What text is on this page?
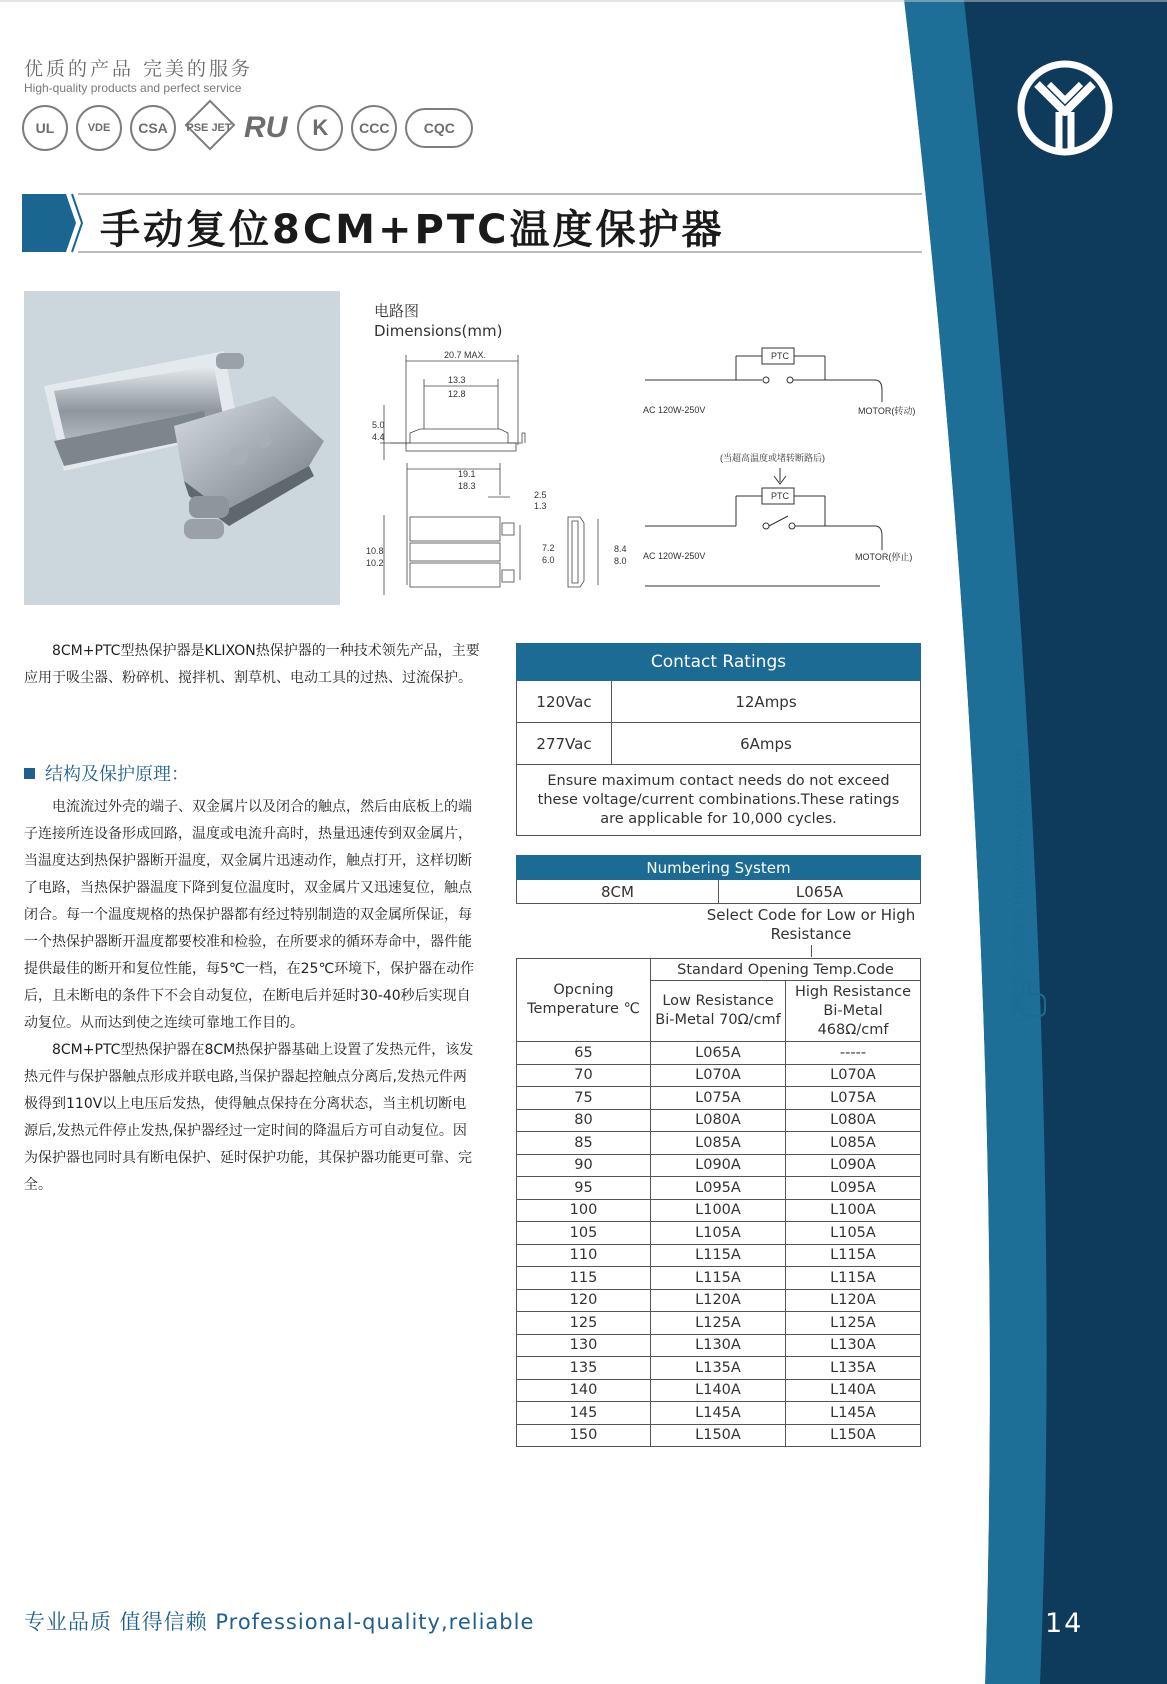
优质的产品 完美的服务
High-quality products and perfect service
UL	VDE	CSA	PSE JET RU	K	CCC	CQC
手动复位8CM+PTC温度保护器
电路图
Dimensions(mm)
20.7 MAX.
13.3
12.8
5.0
4.4
19.1
18.3
2.5
1.3
10.8
10.2
7.2
6.0
8.4
8.0
PTC
AC 120W-250V	MOTOR(转动)
(当超高温度或堵转断路后)
PTC
AC 120W-250V	MOTOR(停止)

8CM+PTC型热保护器是KLIXON热保护器的一种技术领先产品，主要应用于吸尘器、粉碎机、搅拌机、割草机、电动工具的过热、过流保护。

结构及保护原理：

电流流过外壳的端子、双金属片以及闭合的触点，然后由底板上的端子连接所连设备形成回路，温度或电流升高时，热量迅速传到双金属片，当温度达到热保护器断开温度，双金属片迅速动作，触点打开，这样切断了电路，当热保护器温度下降到复位温度时，双金属片又迅速复位，触点闭合。每一个温度规格的热保护器都有经过特别制造的双金属所保证，每一个热保护器断开温度都要校准和检验，在所要求的循环寿命中，器件能提供最佳的断开和复位性能，每5℃一档，在25℃环境下，保护器在动作后，且未断电的条件下不会自动复位，在断电后并延时30-40秒后实现自动复位。从而达到使之连续可靠地工作目的。

8CM+PTC型热保护器在8CM热保护器基础上设置了发热元件，该发热元件与保护器触点形成并联电路,当保护器起控触点分离后,发热元件两极得到110V以上电压后发热，使得触点保持在分离状态，当主机切断电源后,发热元件停止发热,保护器经过一定时间的降温后方可自动复位。因为保护器也同时具有断电保护、延时保护功能，其保护器功能更可靠、完全。

Contact Ratings	
120Vac	12Amps
277Vac	6Amps
Ensure maximum contact needs do not exceed these voltage/current combinations.These ratings are applicable for 10,000 cycles.	
Numbering System
8CM	L065A
Select Code for Low or High Resistance
Opcning Temperature ℃	Standard Opening Temp.Code	
	Low Resistance Bi-Metal 70Ω/cmf	High Resistance Bi-Metal 468Ω/cmf
65	L065A	-----
70	L070A	L070A
75	L075A	L075A
80	L080A	L080A
85	L085A	L085A
90	L090A	L090A
95	L095A	L095A
100	L100A	L100A
105	L105A	L105A
110	L115A	L115A
115	L115A	L115A
120	L120A	L120A
125	L125A	L125A
130	L130A	L130A
135	L135A	L135A
140	L140A	L140A
145	L145A	L145A
150	L150A	L150A
了解更多产品请登录 Http://www.szyizan.com
专业品质 值得信赖 Professional-quality,reliable	14
